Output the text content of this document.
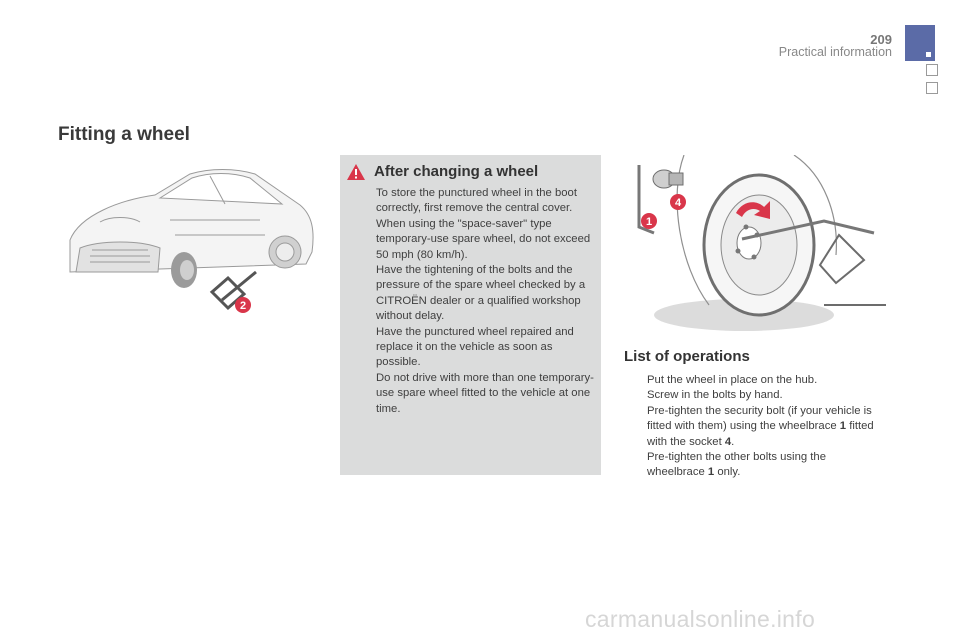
209
Practical information
Fitting a wheel
2
After changing a wheel

To store the punctured wheel in the boot correctly, first remove the central cover.

When using the "space-saver" type temporary-use spare wheel, do not exceed 50 mph (80 km/h).

Have the tightening of the bolts and the pressure of the spare wheel checked by a CITROËN dealer or a qualified workshop without delay.

Have the punctured wheel repaired and replace it on the vehicle as soon as possible.

Do not drive with more than one temporary-use spare wheel fitted to the vehicle at one time.

4
1
List of operations
Put the wheel in place on the hub.
Screw in the bolts by hand.
Pre-tighten the security bolt (if your vehicle is fitted with them) using the wheelbrace 1 fitted with the socket 4.
Pre-tighten the other bolts using the wheelbrace 1 only.
carmanualsonline.info
